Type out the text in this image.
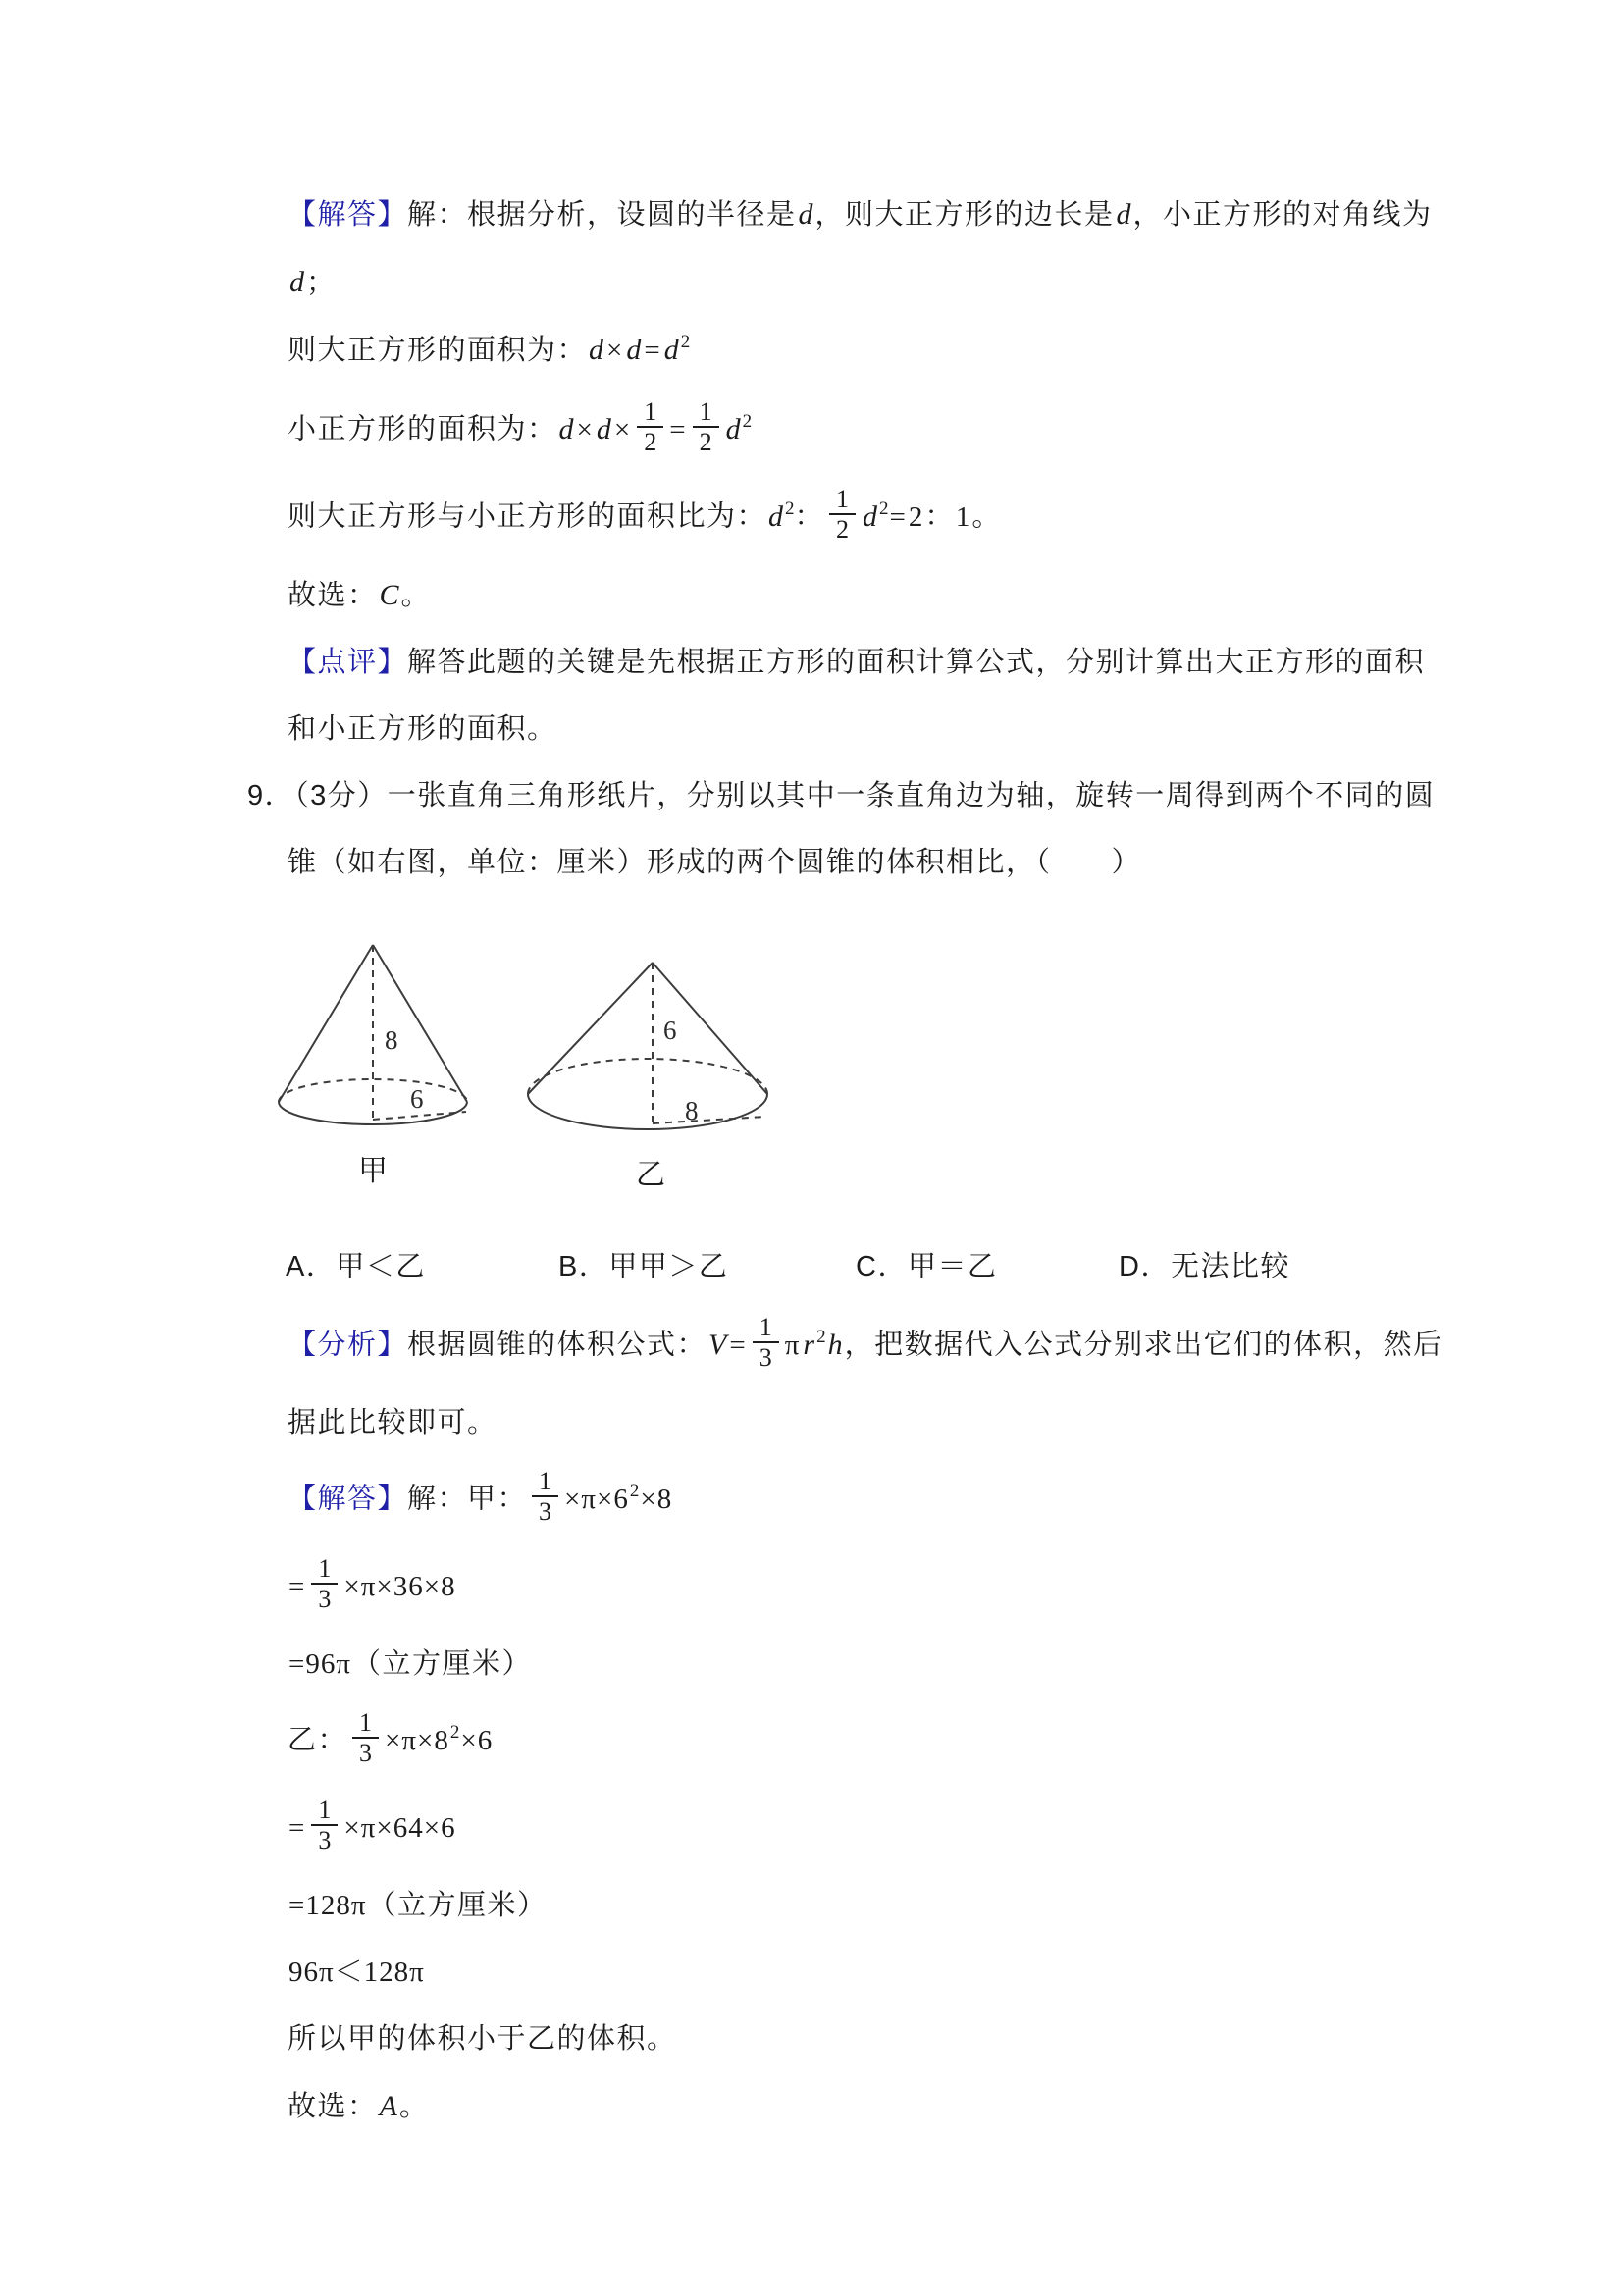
【解答】解：根据分析，设圆的半径是d，则大正方形的边长是d，小正方形的对角线为
d；
则大正方形的面积为：d × d = d $^2$
小正方形的面积为：$d \times d \times \frac{1}{2} = \frac{1}{2}$ d $^2$
则大正方形与小正方形的面积比为：d $^2$： $\frac{1}{2}$ d $^2$=2：1。
故选：C。
【点评】解答此题的关键是先根据正方形的面积计算公式，分别计算出大正方形的面积
和小正方形的面积。
9．（3分）一张直角三角形纸片，分别以其中一条直角边为轴，旋转一周得到两个不同的圆
锥（如右图，单位：厘米）形成的两个圆锥的体积相比，（　　）
8
6
甲
6
8
乙
A．甲＜乙	B．甲甲＞乙	C．甲＝乙	D．无法比较
【分析】根据圆锥的体积公式：$V = \frac{1}{3}$ π r $^2$h，把数据代入公式分别求出它们的体积，然后
据此比较即可。
【解答】解：甲： $\frac{1}{3} \times\pi\times 6^2\times 8$
= $\frac{1}{3} \times\pi\times 36\times 8$
=96π（立方厘米）
乙： $\frac{1}{3} \times\pi\times 8^2\times 6$
= $\frac{1}{3} \times\pi\times 64\times 6$
=128π（立方厘米）
96π＜128π
所以甲的体积小于乙的体积。
故选：A。
